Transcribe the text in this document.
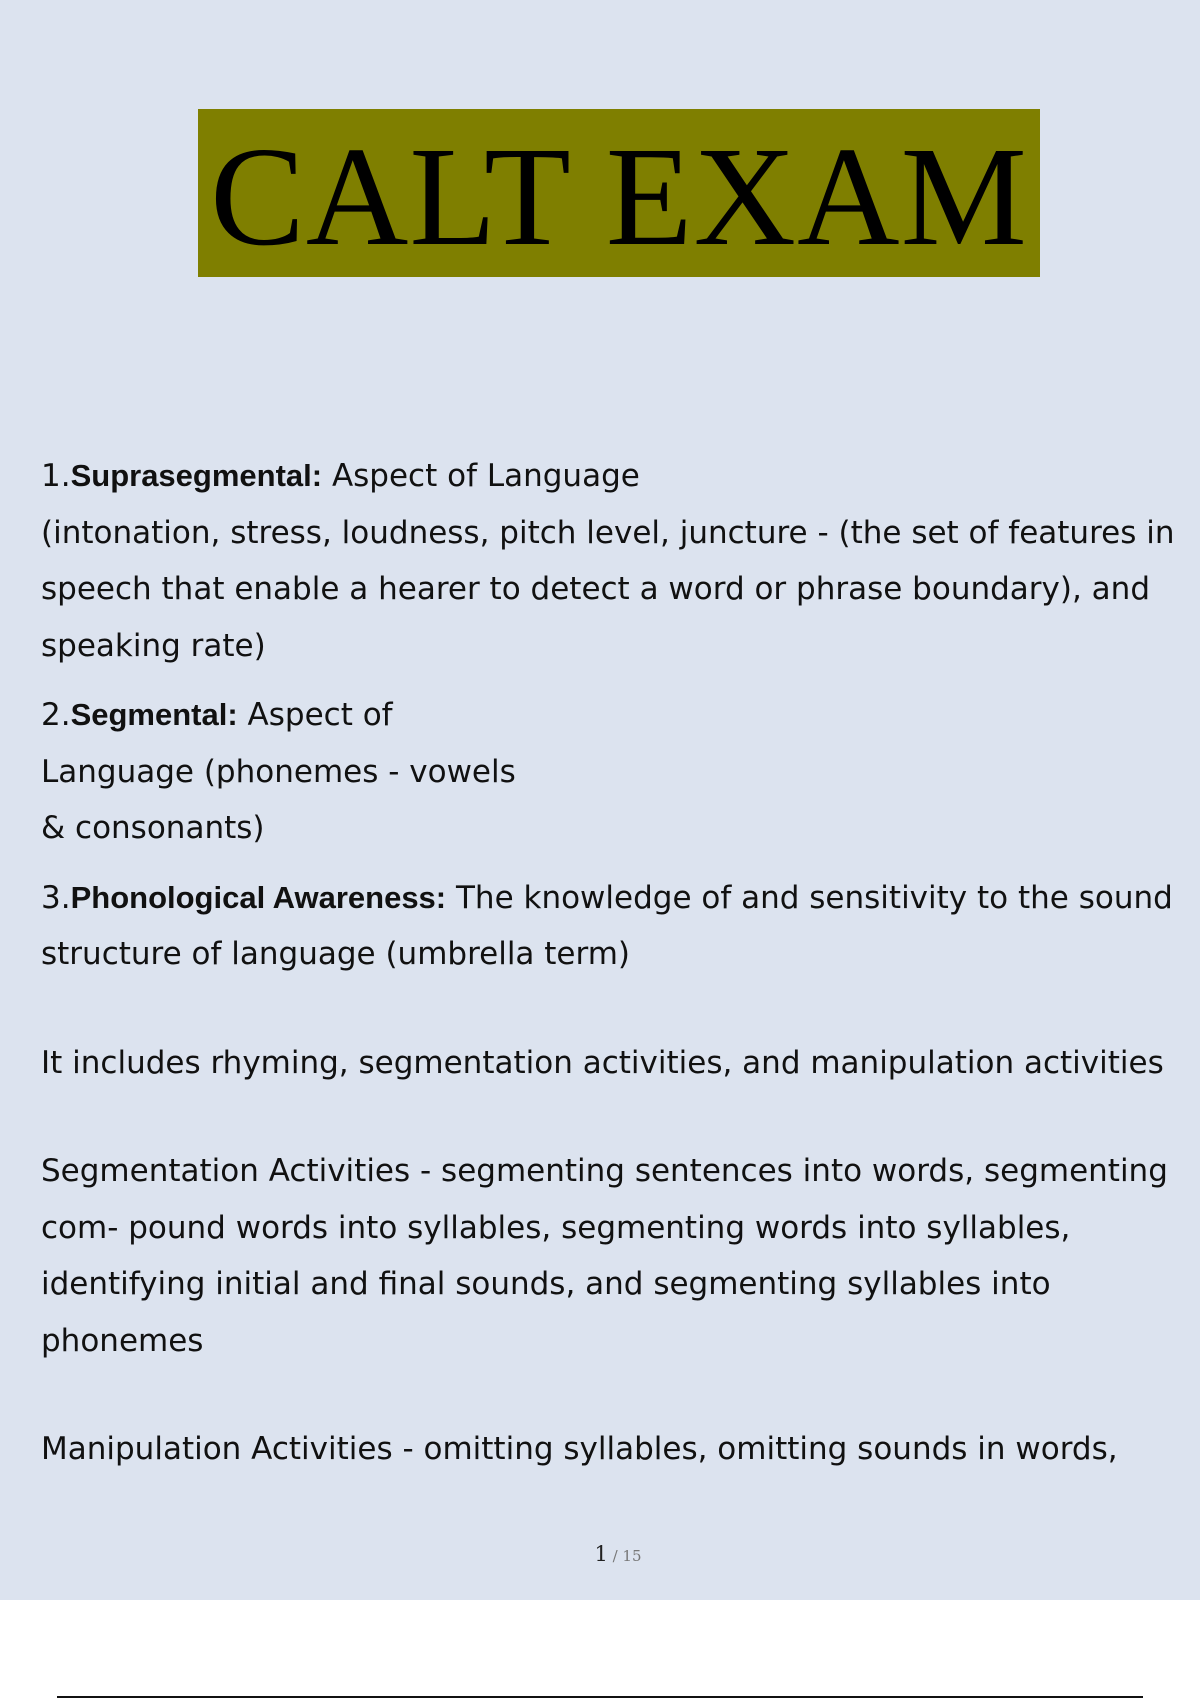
CALT EXAM

1.Suprasegmental: Aspect of Language
(intonation, stress, loudness, pitch level, juncture - (the set of features in speech that enable a hearer to detect a word or phrase boundary), and speaking rate)

2.Segmental: Aspect of
Language (phonemes - vowels
& consonants)

3.Phonological Awareness: The knowledge of and sensitivity to the sound structure of language (umbrella term)

It includes rhyming, segmentation activities, and manipulation activities

Segmentation Activities - segmenting sentences into words, segmenting com- pound words into syllables, segmenting words into syllables, identifying initial and final sounds, and segmenting syllables into phonemes

Manipulation Activities - omitting syllables, omitting sounds in words,

1 / 15
